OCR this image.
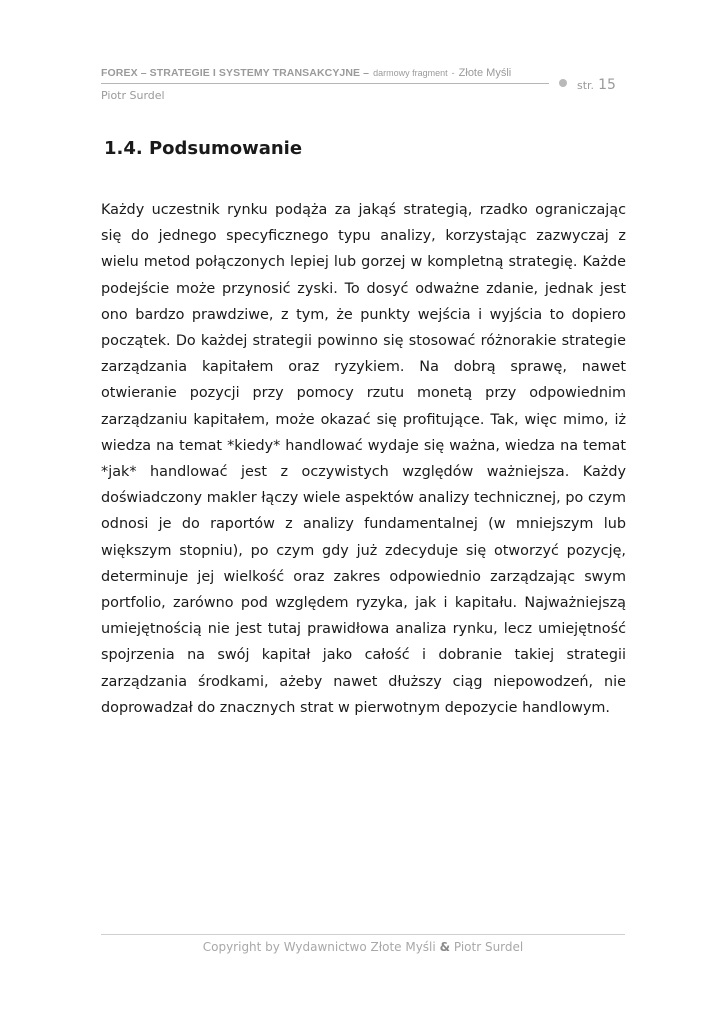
FOREX – STRATEGIE I SYSTEMY TRANSAKCYJNE – darmowy fragment - Złote Myśli
str. 15
Piotr Surdel
1.4. Podsumowanie

Każdy uczestnik rynku podąża za jakąś strategią, rzadko ograniczając się do jednego specyficznego typu analizy, korzystając zazwyczaj z wielu metod połączonych lepiej lub gorzej w kompletną strategię. Każde podejście może przynosić zyski. To dosyć odważne zdanie, jednak jest ono bardzo prawdziwe, z tym, że punkty wejścia i wyjścia to dopiero początek. Do każdej strategii powinno się stosować różnorakie strategie zarządzania kapitałem oraz ryzykiem. Na dobrą sprawę, nawet otwieranie pozycji przy pomocy rzutu monetą przy odpowiednim zarządzaniu kapitałem, może okazać się profitujące. Tak, więc mimo, iż wiedza na temat *kiedy* handlować wydaje się ważna, wiedza na temat *jak* handlować jest z oczywistych względów ważniejsza. Każdy doświadczony makler łączy wiele aspektów analizy technicznej, po czym odnosi je do raportów z analizy fundamentalnej (w mniejszym lub większym stopniu), po czym gdy już zdecyduje się otworzyć pozycję, determinuje jej wielkość oraz zakres odpowiednio zarządzając swym portfolio, zarówno pod względem ryzyka, jak i kapitału. Najważniejszą umiejętnością nie jest tutaj prawidłowa analiza rynku, lecz umiejętność spojrzenia na swój kapitał jako całość i dobranie takiej strategii zarządzania środkami, ażeby nawet dłuższy ciąg niepowodzeń, nie doprowadzał do znacznych strat w pierwotnym depozycie handlowym.

Copyright by Wydawnictwo Złote Myśli & Piotr Surdel
